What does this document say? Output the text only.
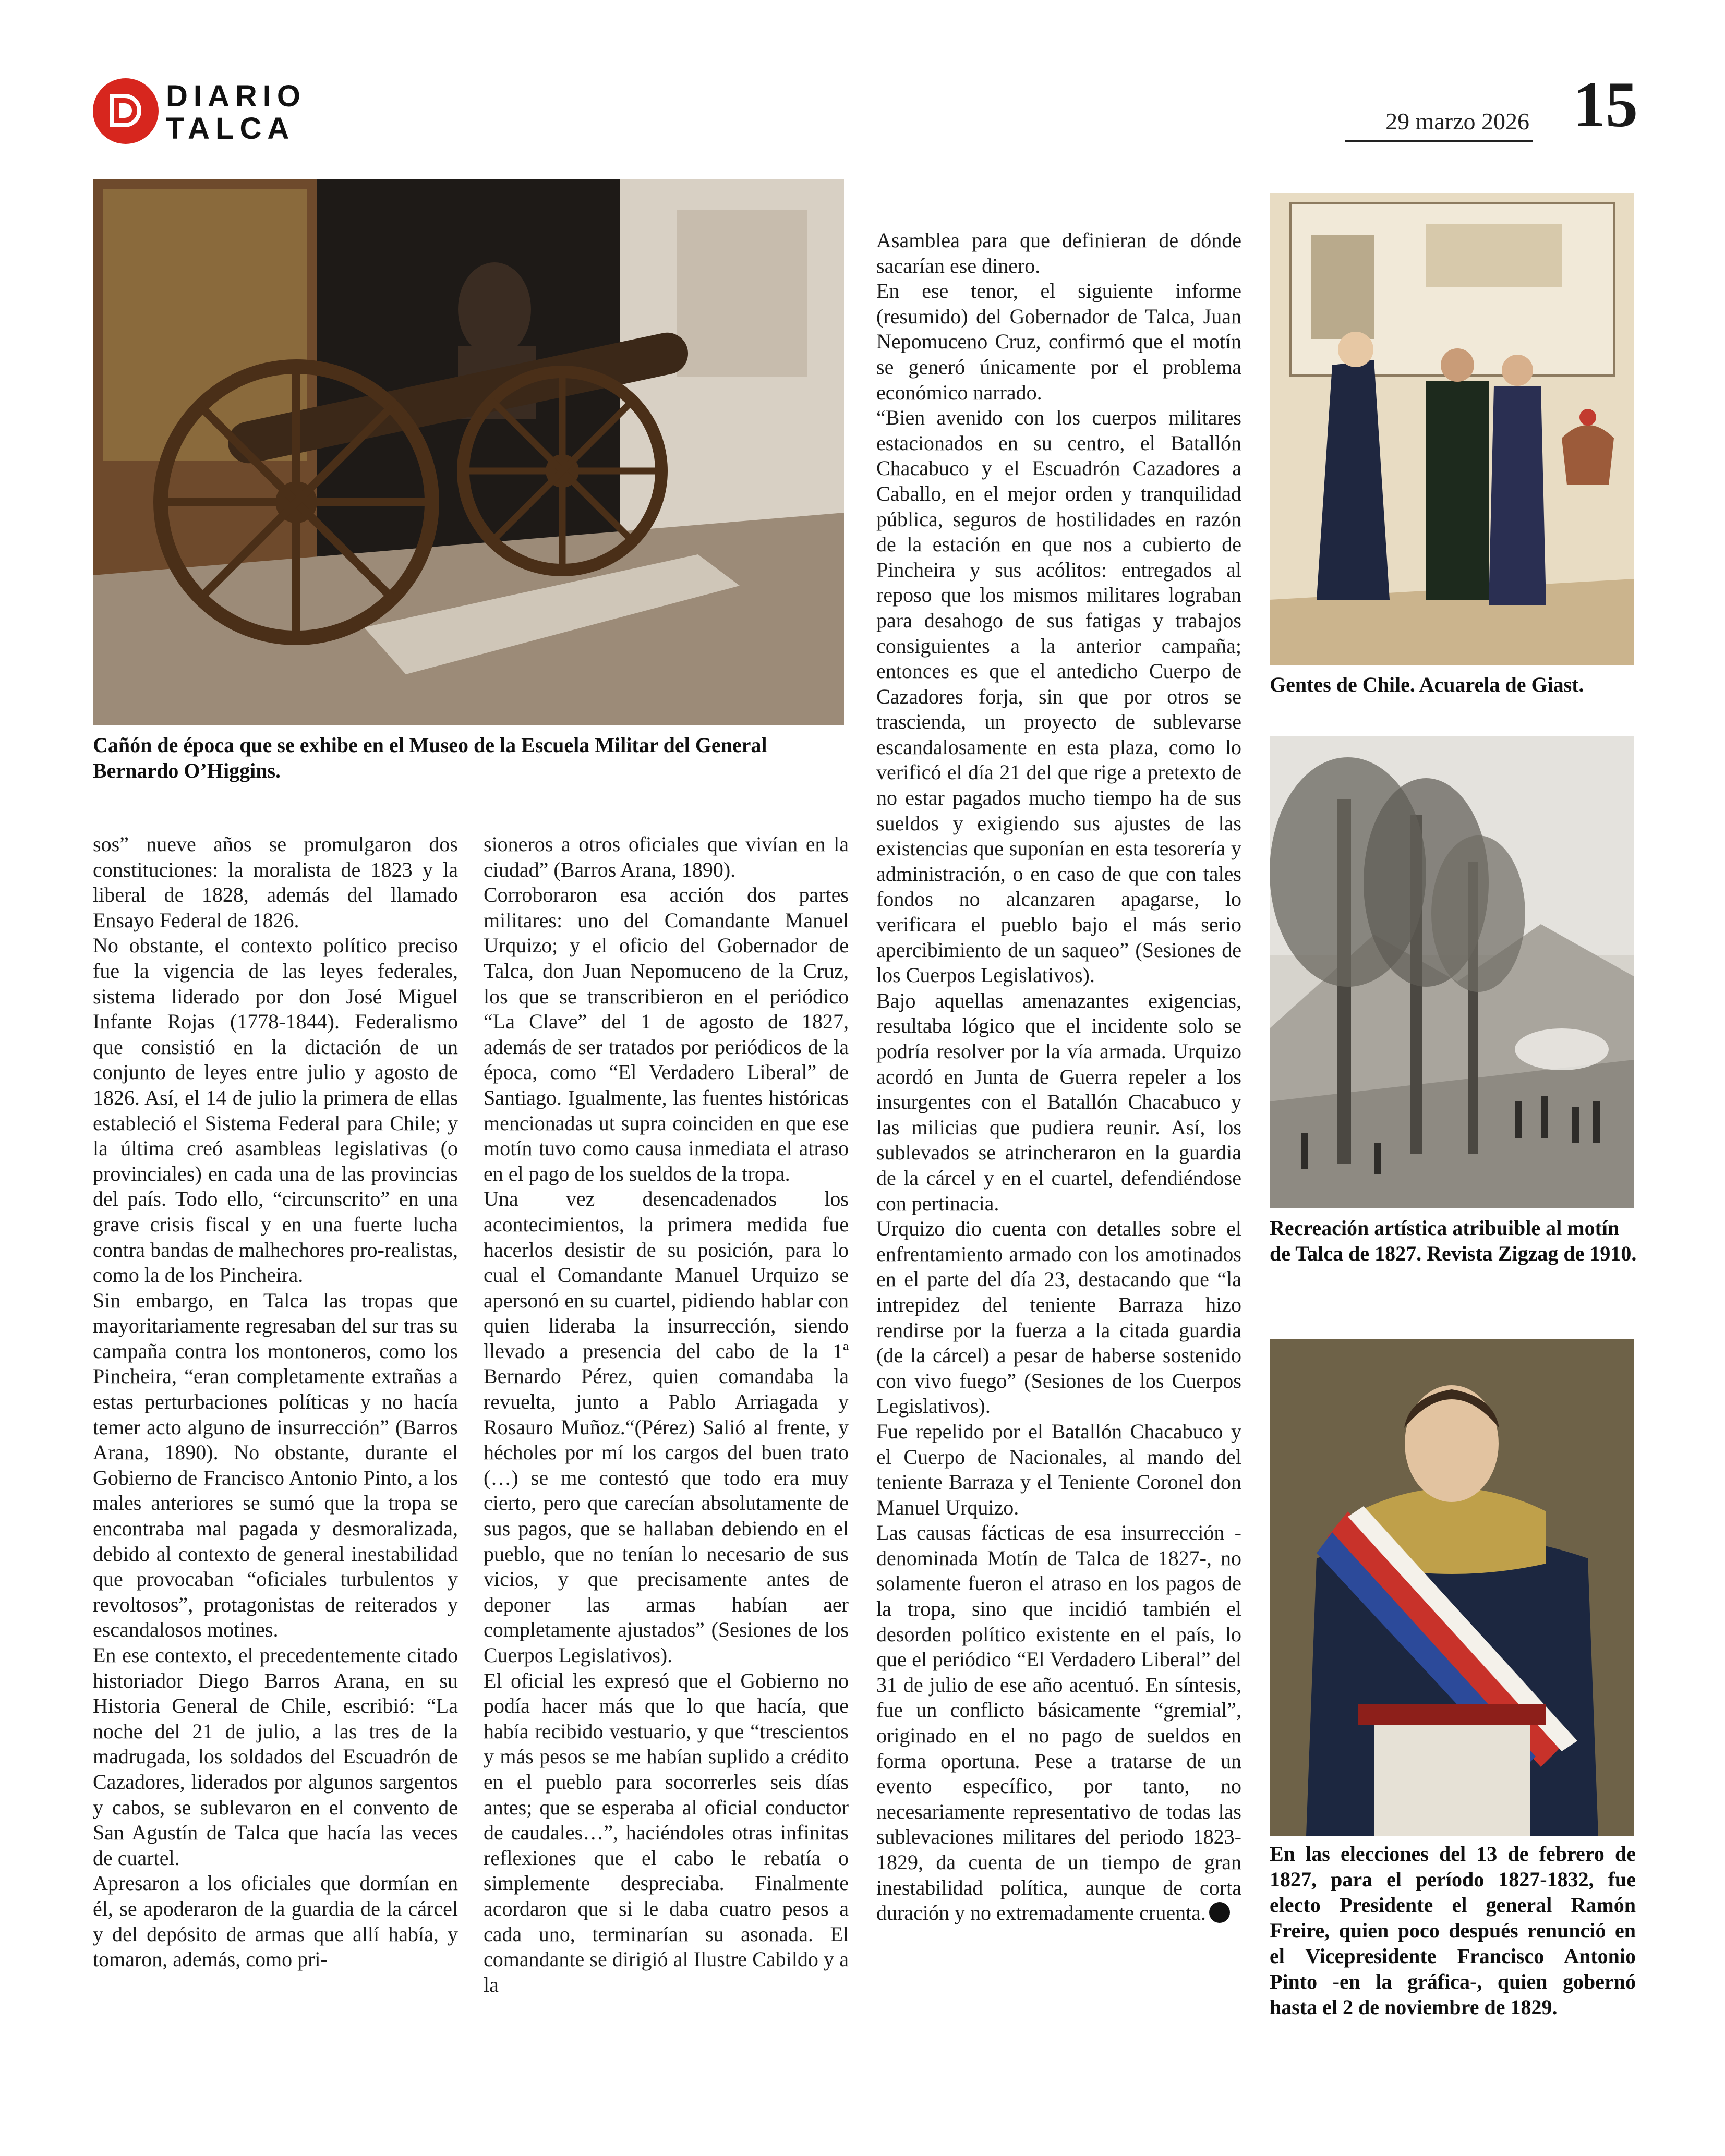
DIARIO
TALCA	29 marzo 2026 15
Cañón de época que se exhibe en el Museo de la Escuela Militar del General Bernardo O’Higgins.
Gentes de Chile. Acuarela de Giast.
Recreación artística atribuible al motín de Talca de 1827. Revista Zigzag de 1910.
En las elecciones del 13 de febrero de 1827, para el período 1827-1832, fue electo Presidente el general Ramón Freire, quien poco después renunció en el Vicepresidente Francisco Antonio Pinto -en la gráfica-, quien gobernó hasta el 2 de noviembre de 1829.

sos” nueve años se promulgaron dos constituciones: la moralista de 1823 y la liberal de 1828, además del llamado Ensayo Federal de 1826.

No obstante, el contexto político preciso fue la vigencia de las leyes federales, sistema liderado por don José Miguel Infante Rojas (1778-1844). Federalismo que consistió en la dictación de un conjunto de leyes entre julio y agosto de 1826. Así, el 14 de julio la primera de ellas estableció el Sistema Federal para Chile; y la última creó asambleas legislativas (o provinciales) en cada una de las provincias del país. Todo ello, “circunscrito” en una grave crisis fiscal y en una fuerte lucha contra bandas de malhechores pro-realistas, como la de los Pincheira.

Sin embargo, en Talca las tropas que mayoritariamente regresaban del sur tras su campaña contra los montoneros, como los Pincheira, “eran completamente extrañas a estas perturbaciones políticas y no hacía temer acto alguno de insurrección” (Barros Arana, 1890). No obstante, durante el Gobierno de Francisco Antonio Pinto, a los males anteriores se sumó que la tropa se encontraba mal pagada y desmoralizada, debido al contexto de general inestabilidad que provocaban “oficiales turbulentos y revoltosos”, protagonistas de reiterados y escandalosos motines.

En ese contexto, el precedentemente citado historiador Diego Barros Arana, en su Historia General de Chile, escribió: “La noche del 21 de julio, a las tres de la madrugada, los soldados del Escuadrón de Cazadores, liderados por algunos sargentos y cabos, se sublevaron en el convento de San Agustín de Talca que hacía las veces de cuartel.

Apresaron a los oficiales que dormían en él, se apoderaron de la guardia de la cárcel y del depósito de armas que allí había, y tomaron, además, como pri-

sioneros a otros oficiales que vivían en la ciudad” (Barros Arana, 1890).

Corroboraron esa acción dos partes militares: uno del Comandante Manuel Urquizo; y el oficio del Gobernador de Talca, don Juan Nepomuceno de la Cruz, los que se transcribieron en el periódico “La Clave” del 1 de agosto de 1827, además de ser tratados por periódicos de la época, como “El Verdadero Liberal” de Santiago. Igualmente, las fuentes históricas mencionadas ut supra coinciden en que ese motín tuvo como causa inmediata el atraso en el pago de los sueldos de la tropa.

Una vez desencadenados los acontecimientos, la primera medida fue hacerlos desistir de su posición, para lo cual el Comandante Manuel Urquizo se apersonó en su cuartel, pidiendo hablar con quien lideraba la insurrección, siendo llevado a presencia del cabo de la 1ª Bernardo Pérez, quien comandaba la revuelta, junto a Pablo Arriagada y Rosauro Muñoz.“(Pérez) Salió al frente, y hécholes por mí los cargos del buen trato (…) se me contestó que todo era muy cierto, pero que carecían absolutamente de sus pagos, que se hallaban debiendo en el pueblo, que no tenían lo necesario de sus vicios, y que precisamente antes de deponer las armas habían aer completamente ajustados” (Sesiones de los Cuerpos Legislativos).

El oficial les expresó que el Gobierno no podía hacer más que lo que hacía, que había recibido vestuario, y que “trescientos y más pesos se me habían suplido a crédito en el pueblo para socorrerles seis días antes; que se esperaba al oficial conductor de caudales…”, haciéndoles otras infinitas reflexiones que el cabo le rebatía o simplemente despreciaba. Finalmente acordaron que si le daba cuatro pesos a cada uno, terminarían su asonada. El comandante se dirigió al Ilustre Cabildo y a la

Asamblea para que definieran de dónde sacarían ese dinero.

En ese tenor, el siguiente informe (resumido) del Gobernador de Talca, Juan Nepomuceno Cruz, confirmó que el motín se generó únicamente por el problema económico narrado.

“Bien avenido con los cuerpos militares estacionados en su centro, el Batallón Chacabuco y el Escuadrón Cazadores a Caballo, en el mejor orden y tranquilidad pública, seguros de hostilidades en razón de la estación en que nos a cubierto de Pincheira y sus acólitos: entregados al reposo que los mismos militares lograban para desahogo de sus fatigas y trabajos consiguientes a la anterior campaña; entonces es que el antedicho Cuerpo de Cazadores forja, sin que por otros se trasciendа, un proyecto de sublevarse escandalosamente en esta plaza, como lo verificó el día 21 del que rige a pretexto de no estar pagados mucho tiempo ha de sus sueldos y exigiendo sus ajustes de las existencias que suponían en esta tesorería y administración, o en caso de que con tales fondos no alcanzaren apagarse, lo verificara el pueblo bajo el más serio apercibimiento de un saqueo” (Sesiones de los Cuerpos Legislativos).

Bajo aquellas amenazantes exigencias, resultaba lógico que el incidente solo se podría resolver por la vía armada. Urquizo acordó en Junta de Guerra repeler a los insurgentes con el Batallón Chacabuco y las milicias que pudiera reunir. Así, los sublevados se atrincheraron en la guardia de la cárcel y en el cuartel, defendiéndose con pertinacia.

Urquizo dio cuenta con detalles sobre el enfrentamiento armado con los amotinados en el parte del día 23, destacando que “la intrepidez del teniente Barraza hizo rendirse por la fuerza a la citada guardia (de la cárcel) a pesar de haberse sostenido con vivo fuego” (Sesiones de los Cuerpos Legislativos).

Fue repelido por el Batallón Chacabuco y el Cuerpo de Nacionales, al mando del teniente Barraza y el Teniente Coronel don Manuel Urquizo.

Las causas fácticas de esa insurrección -denominada Motín de Talca de 1827-, no solamente fueron el atraso en los pagos de la tropa, sino que incidió también el desorden político existente en el país, lo que el periódico “El Verdadero Liberal” del 31 de julio de ese año acentuó. En síntesis, fue un conflicto básicamente “gremial”, originado en el no pago de sueldos en forma oportuna. Pese a tratarse de un evento específico, por tanto, no necesariamente representativo de todas las sublevaciones militares del periodo 1823-1829, da cuenta de un tiempo de gran inestabilidad política, aunque de corta duración y no extremadamente cruenta.
